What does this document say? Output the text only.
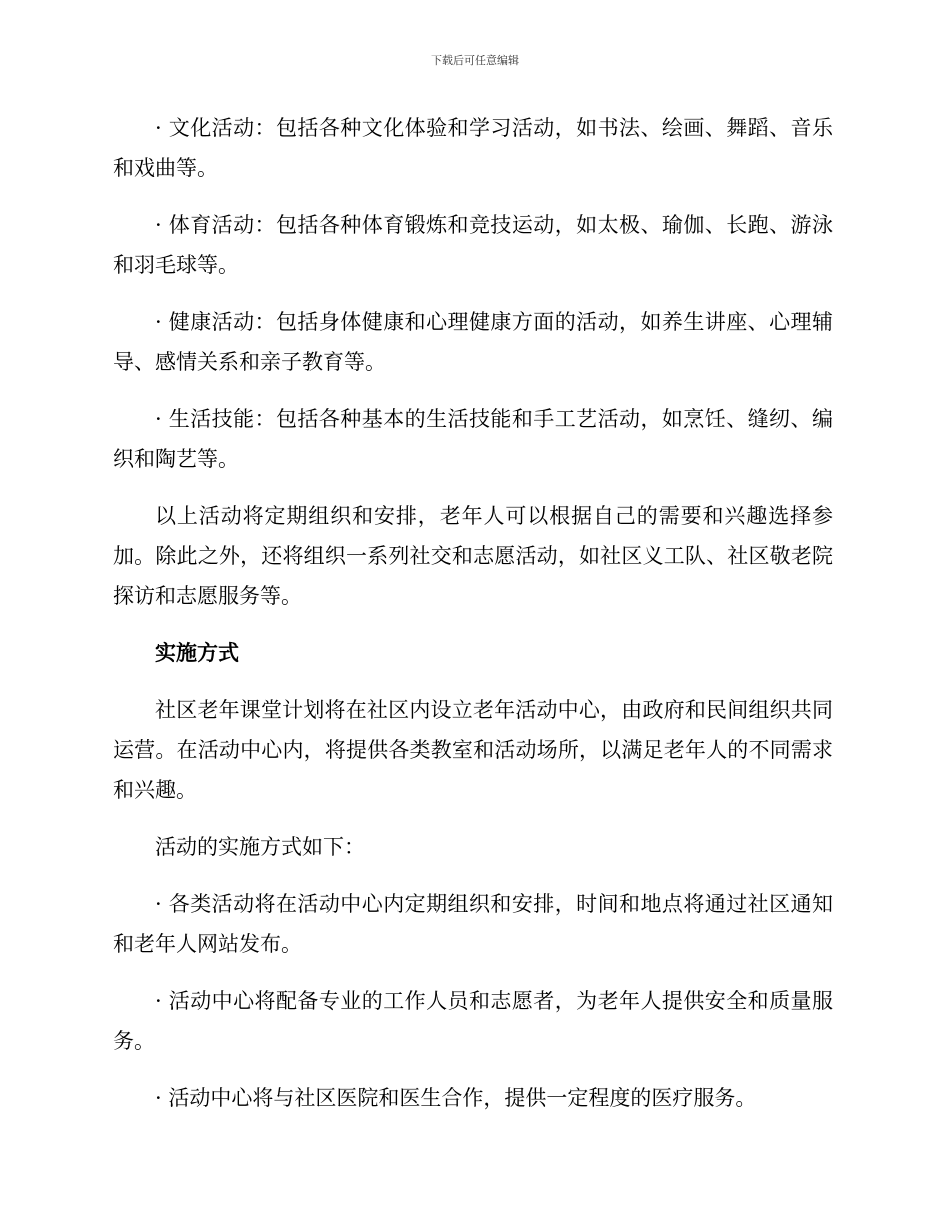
下载后可任意编辑

· 文化活动：包括各种文化体验和学习活动，如书法、绘画、舞蹈、音乐和戏曲等。

· 体育活动：包括各种体育锻炼和竞技运动，如太极、瑜伽、长跑、游泳和羽毛球等。

· 健康活动：包括身体健康和心理健康方面的活动，如养生讲座、心理辅导、感情关系和亲子教育等。

· 生活技能：包括各种基本的生活技能和手工艺活动，如烹饪、缝纫、编织和陶艺等。

以上活动将定期组织和安排，老年人可以根据自己的需要和兴趣选择参加。除此之外，还将组织一系列社交和志愿活动，如社区义工队、社区敬老院探访和志愿服务等。

实施方式

社区老年课堂计划将在社区内设立老年活动中心，由政府和民间组织共同运营。在活动中心内，将提供各类教室和活动场所，以满足老年人的不同需求和兴趣。

活动的实施方式如下：

· 各类活动将在活动中心内定期组织和安排，时间和地点将通过社区通知和老年人网站发布。

· 活动中心将配备专业的工作人员和志愿者，为老年人提供安全和质量服务。

· 活动中心将与社区医院和医生合作，提供一定程度的医疗服务。
